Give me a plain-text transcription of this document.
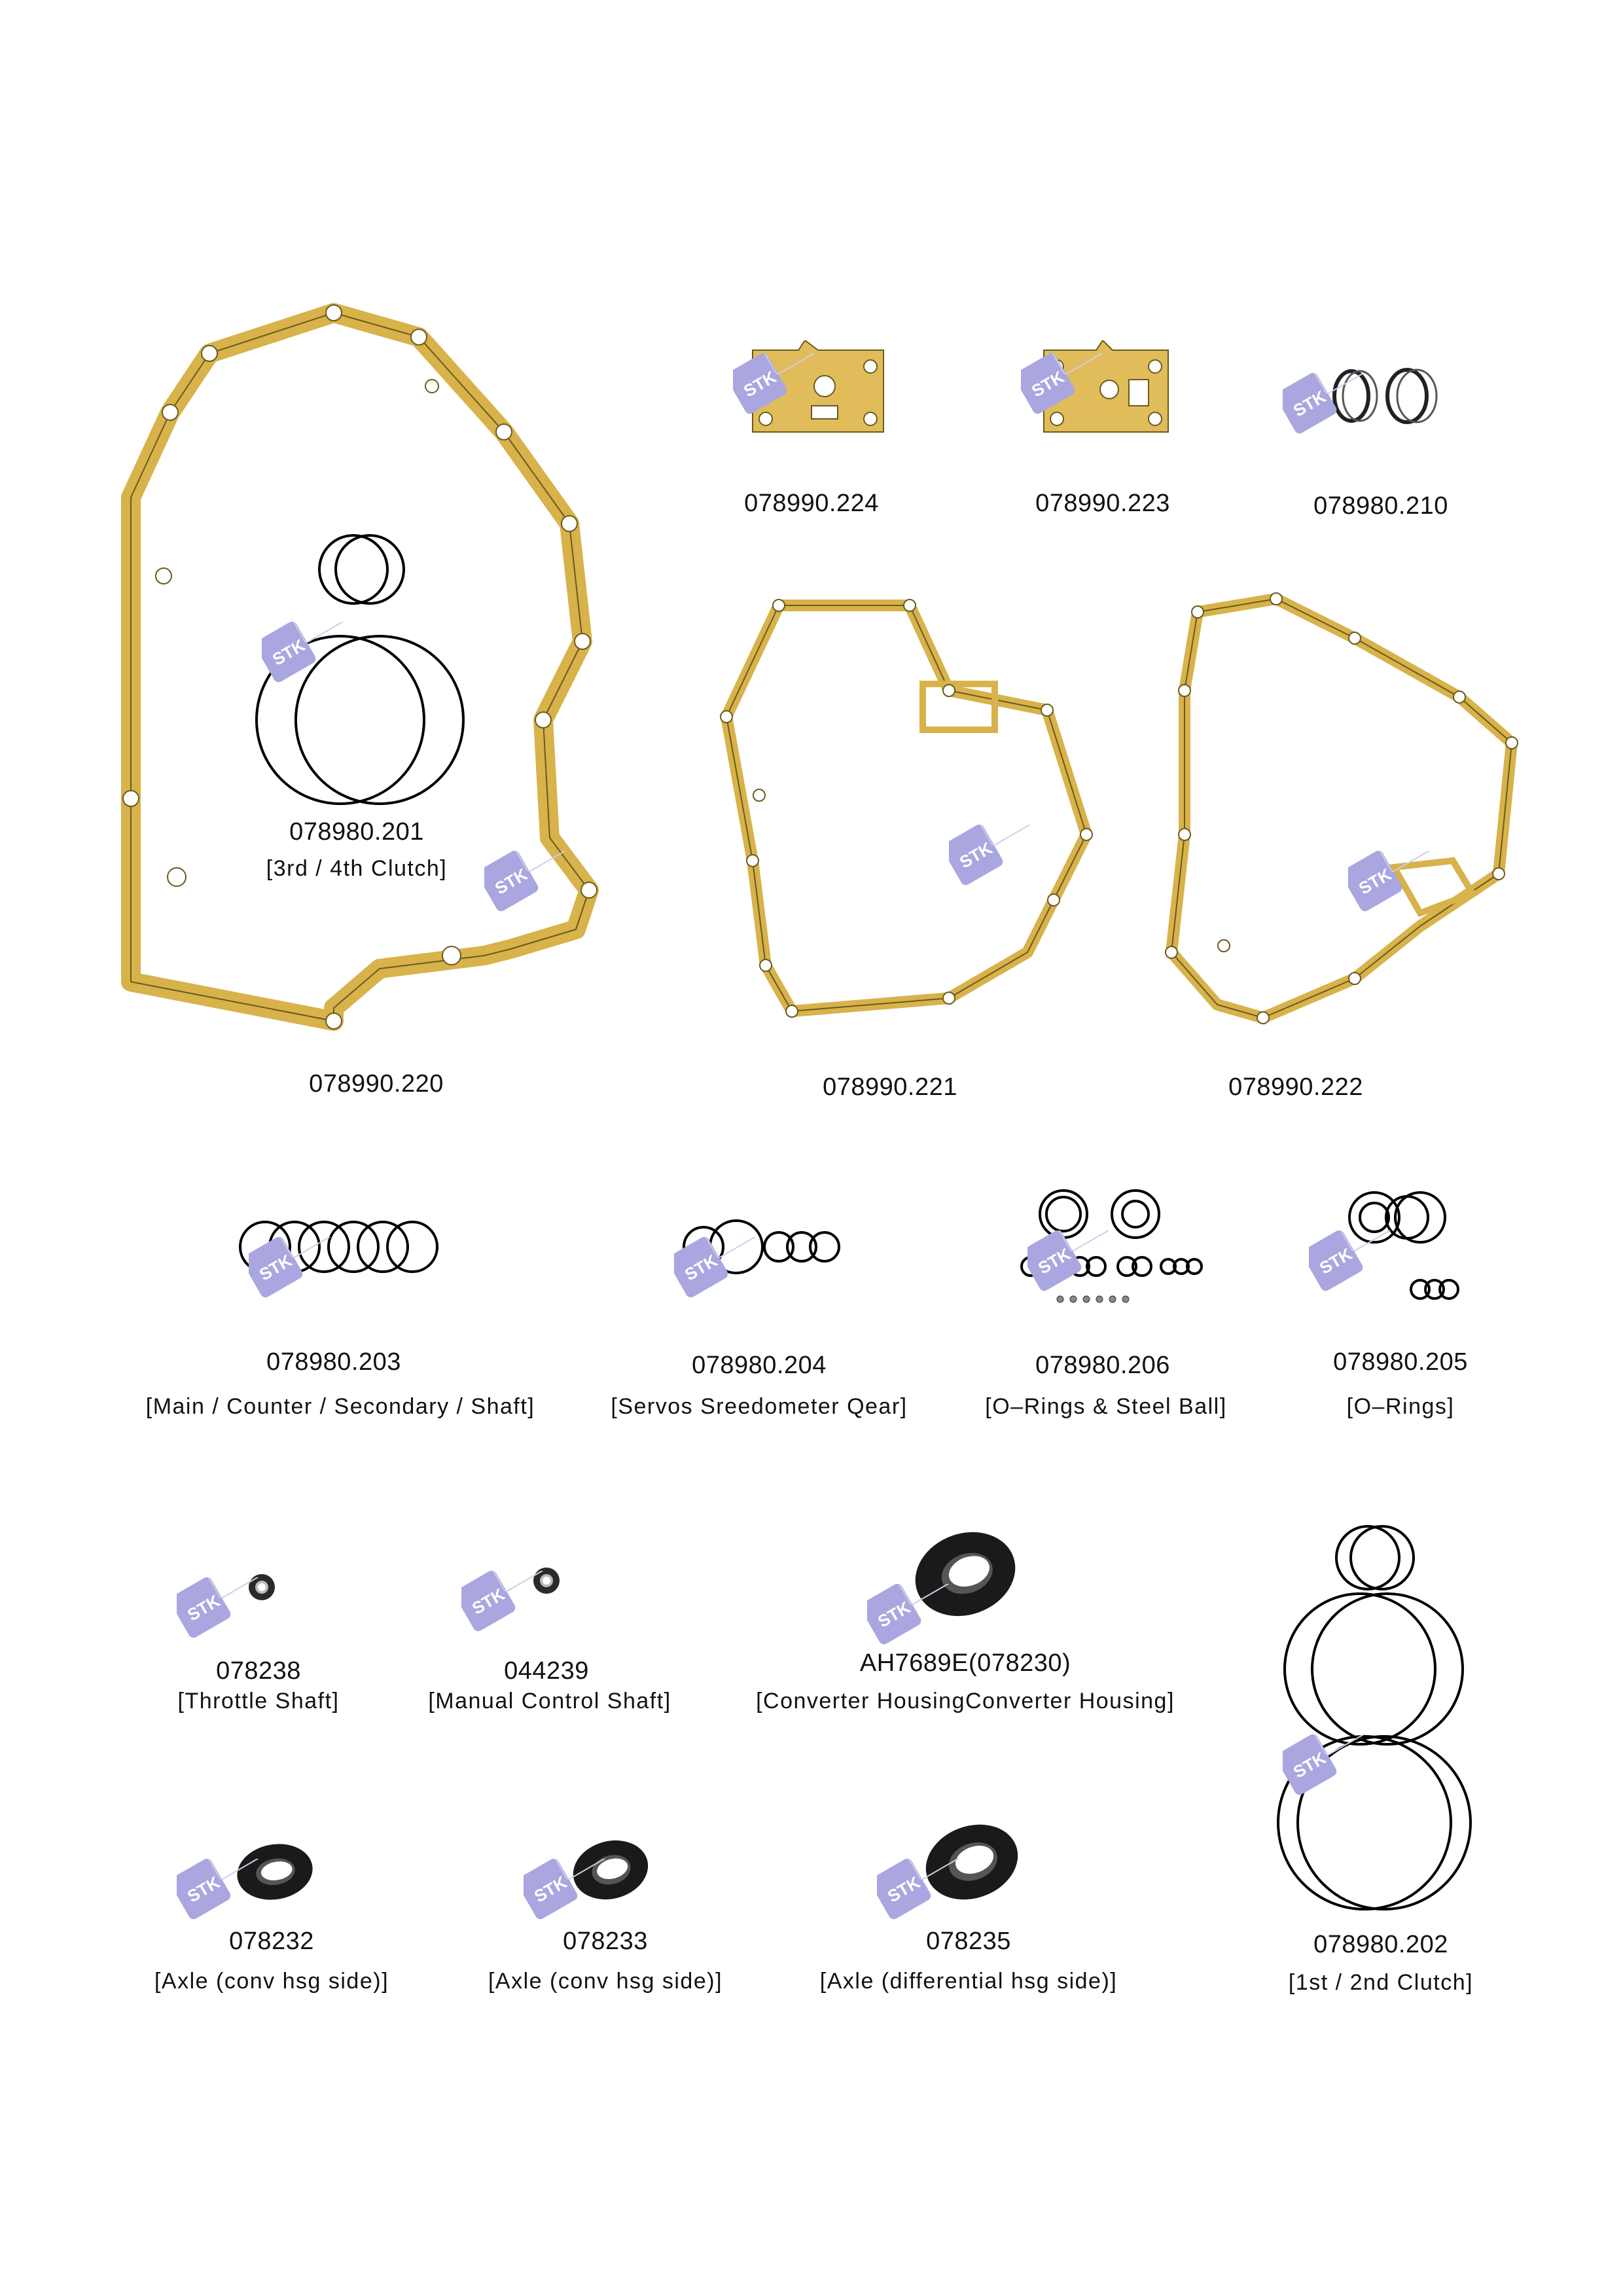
078980.201
[3rd / 4th Clutch]
078990.220
078990.224	078990.223	078980.210
078990.221	078990.222
078980.203
[Main / Counter / Secondary / Shaft]
078980.204
[Servos Sreedometer Qear]
078980.206
[O–Rings & Steel Ball]
078980.205
[O–Rings]
078238
[Throttle Shaft]
044239
[Manual Control Shaft]
AH7689E(078230)
[Converter HousingConverter Housing]
078980.202
[1st / 2nd Clutch]
078232
[Axle (conv hsg side)]
078233
[Axle (conv hsg side)]
078235
[Axle (differential hsg side)]
